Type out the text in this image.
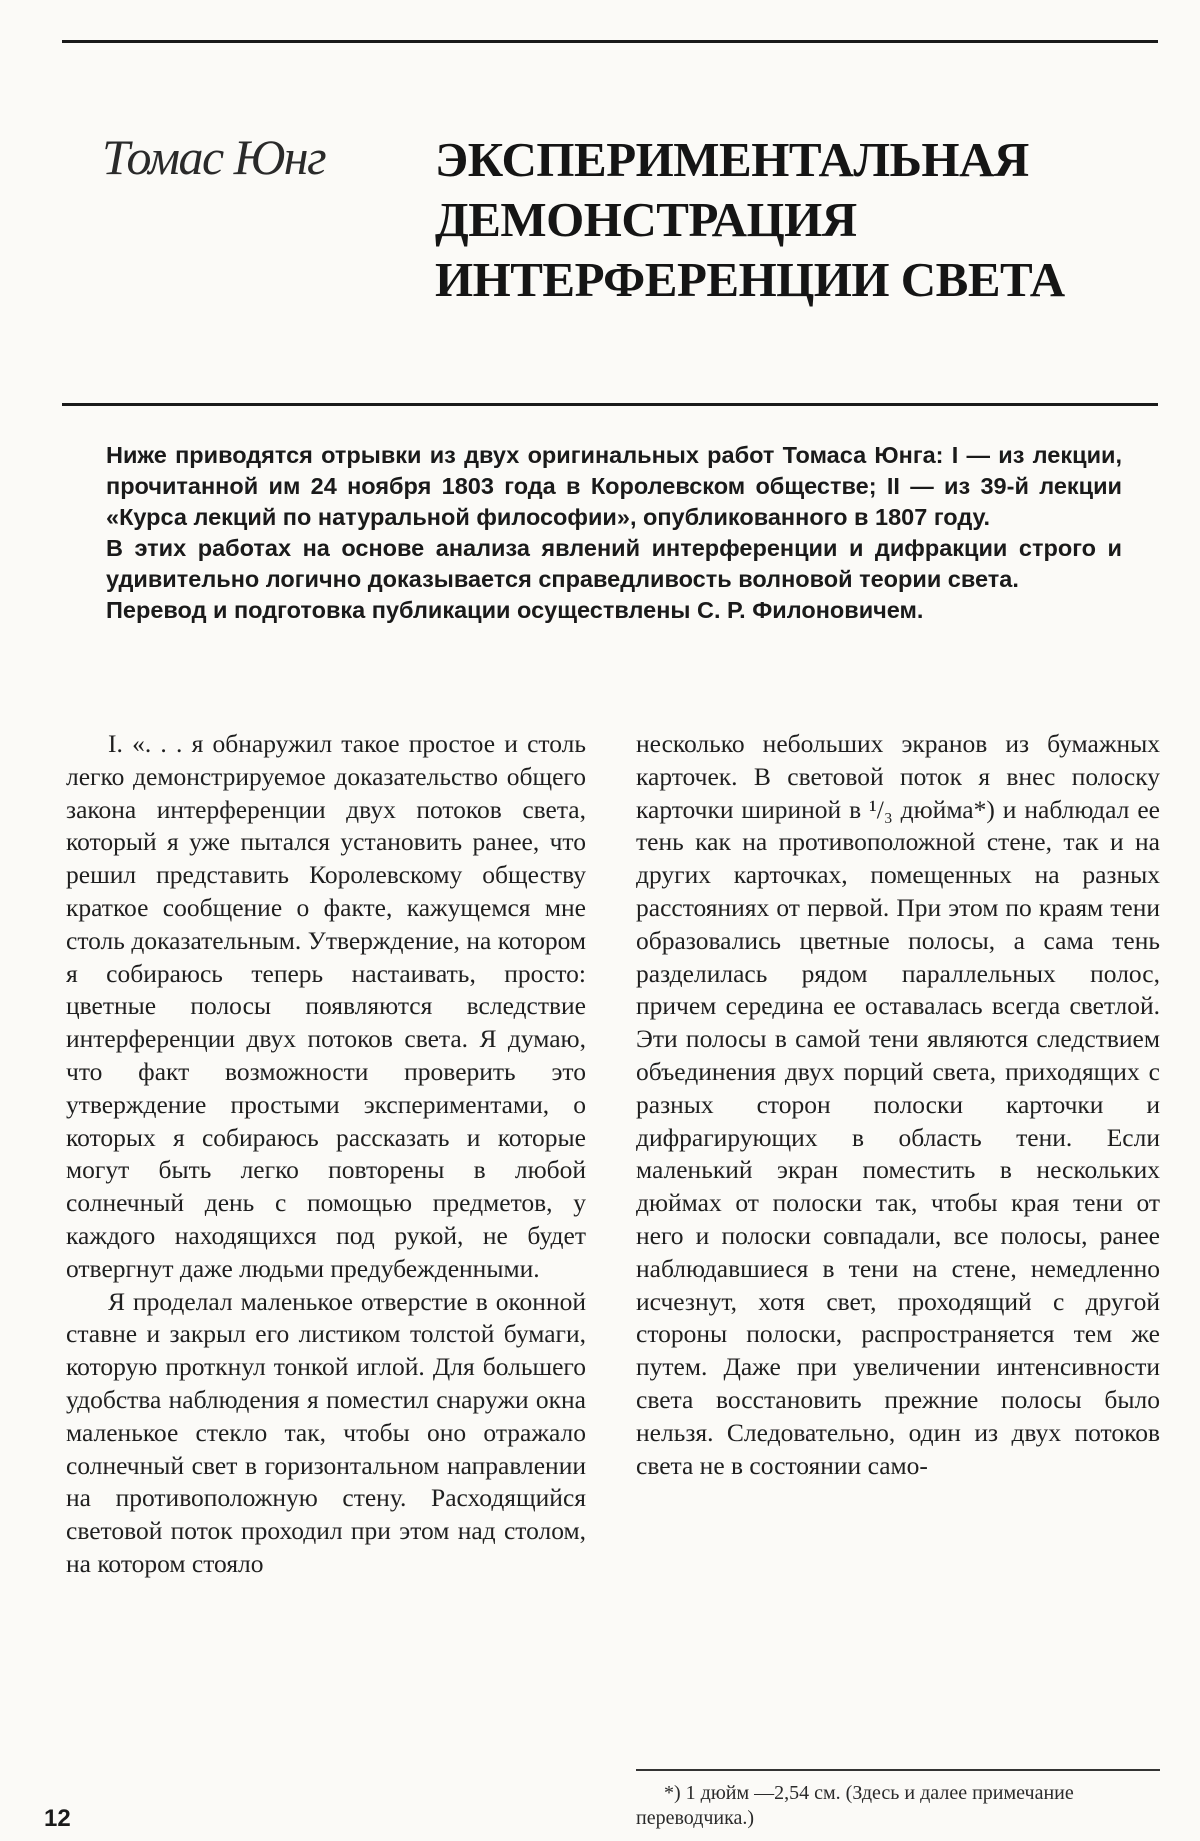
Томас Юнг ЭКСПЕРИМЕНТАЛЬНАЯ
ДЕМОНСТРАЦИЯ
ИНТЕРФЕРЕНЦИИ СВЕТА

Ниже приводятся отрывки из двух оригинальных работ Томаса Юнга: I — из лекции, прочитанной им 24 ноября 1803 года в Королевском обществе; II — из 39-й лекции «Курса лекций по натуральной философии», опубликованного в 1807 году.

В этих работах на основе анализа явлений интерференции и дифракции строго и удивительно логично доказывается справедливость волновой теории света.

Перевод и подготовка публикации осуществлены С. Р. Филоновичем.

I. «. . . я обнаружил такое простое и столь легко демонстрируемое доказательство общего закона интерференции двух потоков света, который я уже пытался установить ранее, что решил представить Королевскому обществу краткое сообщение о факте, кажущемся мне столь доказательным. Утверждение, на котором я собираюсь теперь настаивать, просто: цветные полосы появляются вследствие интерференции двух потоков света. Я думаю, что факт возможности проверить это утверждение простыми экспериментами, о которых я собираюсь рассказать и которые могут быть легко повторены в любой солнечный день с помощью предметов, у каждого находящихся под рукой, не будет отвергнут даже людьми предубежденными.

Я проделал маленькое отверстие в оконной ставне и закрыл его листиком толстой бумаги, которую проткнул тонкой иглой. Для большего удобства наблюдения я поместил снаружи окна маленькое стекло так, чтобы оно отражало солнечный свет в горизонтальном направлении на противоположную стену. Расходящийся световой поток проходил при этом над столом, на котором стояло

несколько небольших экранов из бумажных карточек. В световой поток я внес полоску карточки шириной в ¹/₃ дюйма*) и наблюдал ее тень как на противоположной стене, так и на других карточках, помещенных на разных расстояниях от первой. При этом по краям тени образовались цветные полосы, а сама тень разделилась рядом параллельных полос, причем середина ее оставалась всегда светлой. Эти полосы в самой тени являются следствием объединения двух порций света, приходящих с разных сторон полоски карточки и дифрагирующих в область тени. Если маленький экран поместить в нескольких дюймах от полоски так, чтобы края тени от него и полоски совпадали, все полосы, ранее наблюдавшиеся в тени на стене, немедленно исчезнут, хотя свет, проходящий с другой стороны полоски, распространяется тем же путем. Даже при увеличении интенсивности света восстановить прежние полосы было нельзя. Следовательно, один из двух потоков света не в состоянии само-

*) 1 дюйм —2,54 см. (Здесь и далее примечание переводчика.)
12
